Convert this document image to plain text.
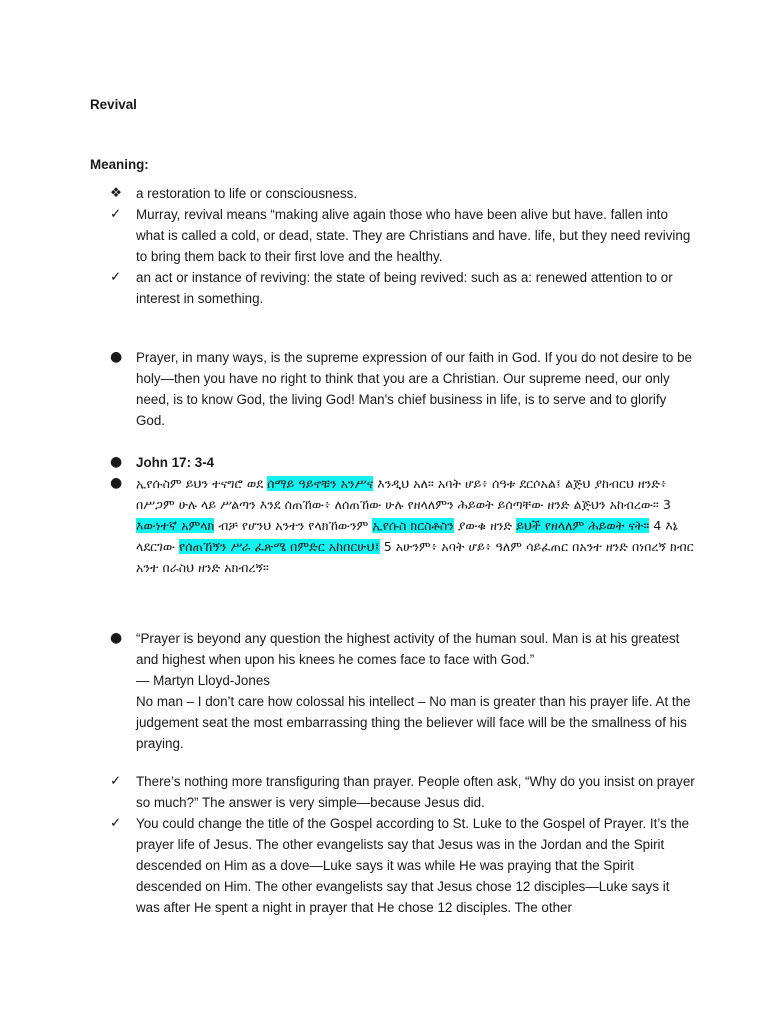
Revival
Meaning:
❖	a restoration to life or consciousness.
✓	Murray, revival means “making alive again those who have been alive but have. fallen into what is called a cold, or dead, state. They are Christians and have. life, but they need reviving to bring them back to their first love and the healthy.
✓	an act or instance of reviving: the state of being revived: such as a: renewed attention to or interest in something.
●	Prayer, in many ways, is the supreme expression of our faith in God. If you do not desire to be holy—then you have no right to think that you are a Christian. Our supreme need, our only need, is to know God, the living God! Man's chief business in life, is to serve and to glorify God.
●	John 17: 3-4
●	ኢየሱስም ይህን ተናግሮ ወደ ሰማይ ዓይኖቹን አንሥና እንዲህ አለ። አባት ሆይ፥ ሰዓቱ ደርሶአል፤ ልጅህ ያከብርህ ዘንድ፥ በሥጋም ሁሉ ላይ ሥልጣን እንደ ሰጠኸው፥ ለሰጠኸው ሁሉ የዘላለምን ሕይወት ይሰጣቸው ዘንድ ልጅህን አከብረው። 3 እውነተኛ አምላክ ብቻ የሆንህ አንተን የላክኸውንም ኢየሱስ ክርስቶስን ያውቁ ዘንድ ይህች የዘላለም ሕይወት ናት። 4 እኔ ላደርገው የሰጠኸኝን ሥራ ፈጽሜ በምድር አከበርሁህ፤ 5 አሁንም፥ አባት ሆይ፥ ዓለም ሳይፈጠር በአንተ ዘንድ በነበረኝ ክብር አንተ በራስህ ዘንድ አክብረኝ።
●	“Prayer is beyond any question the highest activity of the human soul. Man is at his greatest and highest when upon his knees he comes face to face with God.”
— Martyn Lloyd-Jones
No man – I don’t care how colossal his intellect – No man is greater than his prayer life. At the judgement seat the most embarrassing thing the believer will face will be the smallness of his praying.
✓	There’s nothing more transfiguring than prayer. People often ask, “Why do you insist on prayer so much?” The answer is very simple—because Jesus did.
✓	You could change the title of the Gospel according to St. Luke to the Gospel of Prayer. It’s the prayer life of Jesus. The other evangelists say that Jesus was in the Jordan and the Spirit descended on Him as a dove—Luke says it was while He was praying that the Spirit descended on Him. The other evangelists say that Jesus chose 12 disciples—Luke says it was after He spent a night in prayer that He chose 12 disciples. The other
